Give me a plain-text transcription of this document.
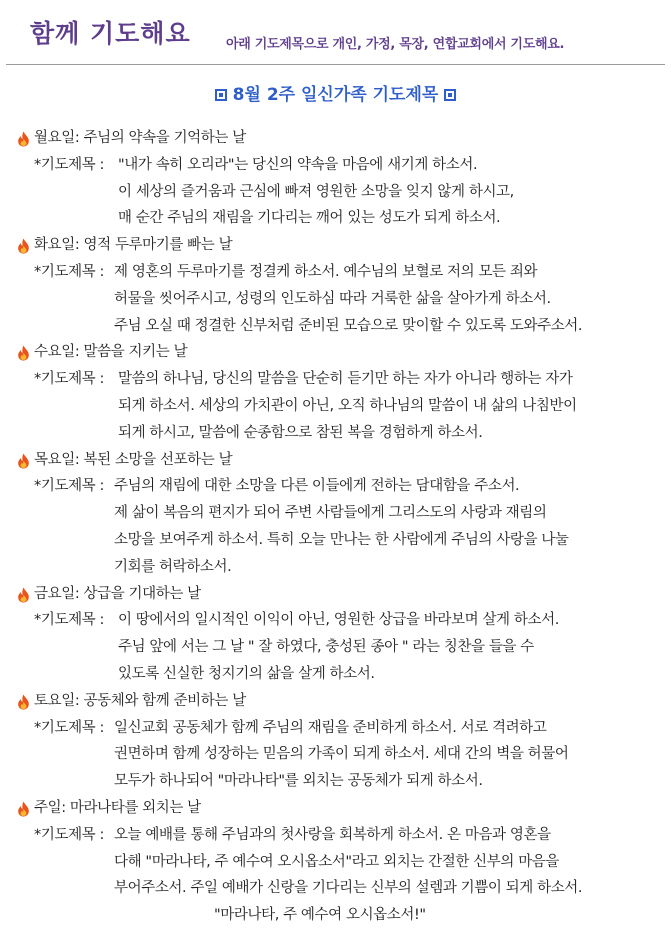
함께 기도해요	아래 기도제목으로 개인, 가정, 목장, 연합교회에서 기도해요.
8월 2주 일신가족 기도제목
월요일: 주님의 약속을 기억하는 날
*기도제목 : "내가 속히 오리라"는 당신의 약속을 마음에 새기게 하소서.
이 세상의 즐거움과 근심에 빠져 영원한 소망을 잊지 않게 하시고,
매 순간 주님의 재림을 기다리는 깨어 있는 성도가 되게 하소서.
화요일: 영적 두루마기를 빠는 날
*기도제목 : 제 영혼의 두루마기를 정결케 하소서. 예수님의 보혈로 저의 모든 죄와
허물을 씻어주시고, 성령의 인도하심 따라 거룩한 삶을 살아가게 하소서.
주님 오실 때 정결한 신부처럼 준비된 모습으로 맞이할 수 있도록 도와주소서.
수요일: 말씀을 지키는 날
*기도제목 : 말씀의 하나님, 당신의 말씀을 단순히 듣기만 하는 자가 아니라 행하는 자가
되게 하소서. 세상의 가치관이 아닌, 오직 하나님의 말씀이 내 삶의 나침반이
되게 하시고, 말씀에 순종함으로 참된 복을 경험하게 하소서.
목요일: 복된 소망을 선포하는 날
*기도제목 : 주님의 재림에 대한 소망을 다른 이들에게 전하는 담대함을 주소서.
제 삶이 복음의 편지가 되어 주변 사람들에게 그리스도의 사랑과 재림의
소망을 보여주게 하소서. 특히 오늘 만나는 한 사람에게 주님의 사랑을 나눌
기회를 허락하소서.
금요일: 상급을 기대하는 날
*기도제목 : 이 땅에서의 일시적인 이익이 아닌, 영원한 상급을 바라보며 살게 하소서.
주님 앞에 서는 그 날 " 잘 하였다, 충성된 종아 " 라는 칭찬을 들을 수
있도록 신실한 청지기의 삶을 살게 하소서.
토요일: 공동체와 함께 준비하는 날
*기도제목 : 일신교회 공동체가 함께 주님의 재림을 준비하게 하소서. 서로 격려하고
권면하며 함께 성장하는 믿음의 가족이 되게 하소서. 세대 간의 벽을 허물어
모두가 하나되어 "마라나타"를 외치는 공동체가 되게 하소서.
주일: 마라나타를 외치는 날
*기도제목 : 오늘 예배를 통해 주님과의 첫사랑을 회복하게 하소서. 온 마음과 영혼을
다해 "마라나타, 주 예수여 오시옵소서"라고 외치는 간절한 신부의 마음을
부어주소서. 주일 예배가 신랑을 기다리는 신부의 설렘과 기쁨이 되게 하소서.
"마라나타, 주 예수여 오시옵소서!"
